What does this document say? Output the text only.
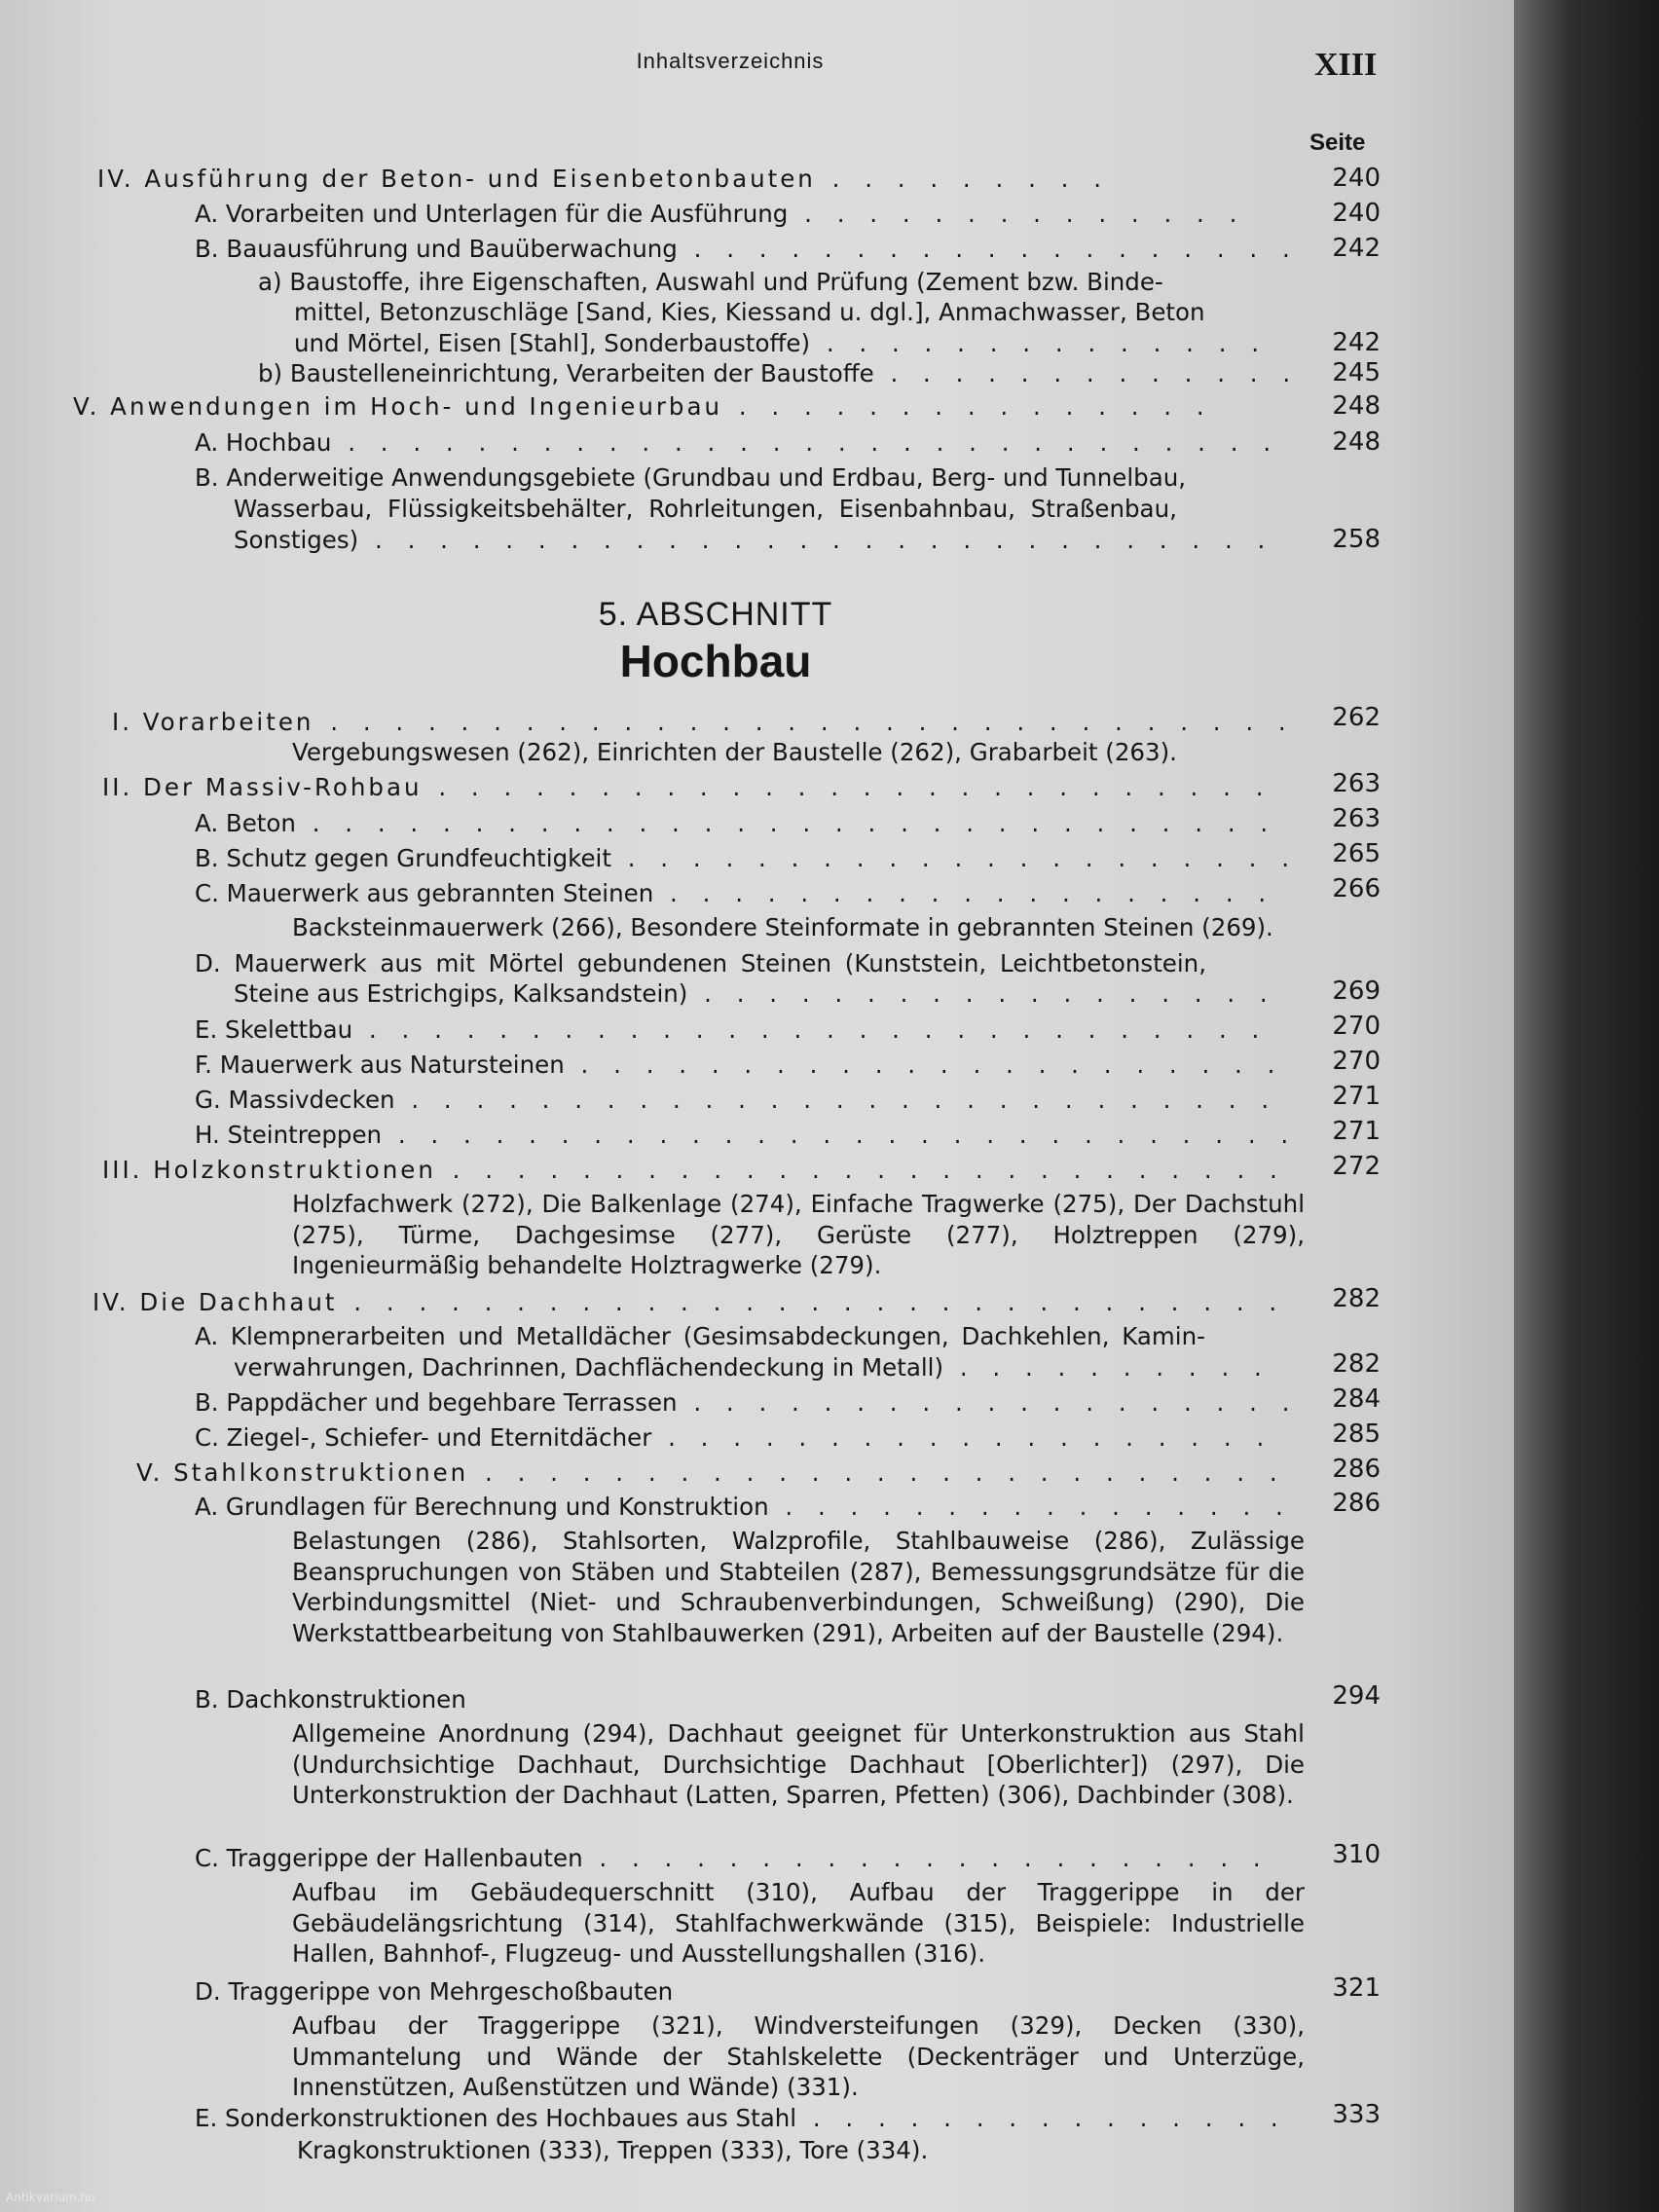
Inhaltsverzeichnis	XIII
Seite
IV. Ausführung der Beton- und Eisenbetonbauten . . . . . . . . .	240
A. Vorarbeiten und Unterlagen für die Ausführung . . . . . . . . . . . . . .	240
B. Bauausführung und Bauüberwachung . . . . . . . . . . . . . . . . . . .	242
a) Baustoffe, ihre Eigenschaften, Auswahl und Prüfung (Zement bzw. Binde-
mittel, Betonzuschläge [Sand, Kies, Kiessand u. dgl.], Anmachwasser, Beton
und Mörtel, Eisen [Stahl], Sonderbaustoffe) . . . . . . . . . . . . . .	242
b) Baustelleneinrichtung, Verarbeiten der Baustoffe . . . . . . . . . . . . .	245
V. Anwendungen im Hoch- und Ingenieurbau . . . . . . . . . . . . . . .	248
A. Hochbau . . . . . . . . . . . . . . . . . . . . . . . . . . . . .	248
B. Anderweitige Anwendungsgebiete (Grundbau und Erdbau, Berg- und Tunnelbau,
Wasserbau, Flüssigkeitsbehälter, Rohrleitungen, Eisenbahnbau, Straßenbau,
Sonstiges) . . . . . . . . . . . . . . . . . . . . . . . . . . . .	258
5. ABSCHNITT
Hochbau
I. Vorarbeiten . . . . . . . . . . . . . . . . . . . . . . . . . . . . . .	262
Vergebungswesen (262), Einrichten der Baustelle (262), Grabarbeit (263).
II. Der Massiv-Rohbau . . . . . . . . . . . . . . . . . . . . . . . . . .	263
A. Beton . . . . . . . . . . . . . . . . . . . . . . . . . . . . . .	263
B. Schutz gegen Grundfeuchtigkeit . . . . . . . . . . . . . . . . . . . . .	265
C. Mauerwerk aus gebrannten Steinen . . . . . . . . . . . . . . . . . . .	266
Backsteinmauerwerk (266), Besondere Steinformate in gebrannten Steinen (269).
D. Mauerwerk aus mit Mörtel gebundenen Steinen (Kunststein, Leichtbetonstein,
Steine aus Estrichgips, Kalksandstein) . . . . . . . . . . . . . . . . . .	269
E. Skelettbau . . . . . . . . . . . . . . . . . . . . . . . . . . . .	270
F. Mauerwerk aus Natursteinen . . . . . . . . . . . . . . . . . . . . . .	270
G. Massivdecken . . . . . . . . . . . . . . . . . . . . . . . . . . .	271
H. Steintreppen . . . . . . . . . . . . . . . . . . . . . . . . . . . .	271
III. Holzkonstruktionen . . . . . . . . . . . . . . . . . . . . . . . . . .	272
Holzfachwerk (272), Die Balkenlage (274), Einfache Tragwerke (275), Der Dachstuhl (275), Türme, Dachgesimse (277), Gerüste (277), Holztreppen (279), Ingenieurmäßig behandelte Holztragwerke (279).
IV. Die Dachhaut . . . . . . . . . . . . . . . . . . . . . . . . . . . . .	282
A. Klempnerarbeiten und Metalldächer (Gesimsabdeckungen, Dachkehlen, Kamin-
verwahrungen, Dachrinnen, Dachflächendeckung in Metall) . . . . . . . . . .	282
B. Pappdächer und begehbare Terrassen . . . . . . . . . . . . . . . . . . .	284
C. Ziegel-, Schiefer- und Eternitdächer . . . . . . . . . . . . . . . . . . .	285
V. Stahlkonstruktionen . . . . . . . . . . . . . . . . . . . . . . . . .	286
A. Grundlagen für Berechnung und Konstruktion . . . . . . . . . . . . . . . .	286
Belastungen (286), Stahlsorten, Walzprofile, Stahlbauweise (286), Zulässige Beanspruchungen von Stäben und Stabteilen (287), Bemessungsgrundsätze für die Verbindungsmittel (Niet- und Schraubenverbindungen, Schweißung) (290), Die Werkstattbearbeitung von Stahlbauwerken (291), Arbeiten auf der Baustelle (294).
B. Dachkonstruktionen	294
Allgemeine Anordnung (294), Dachhaut geeignet für Unterkonstruktion aus Stahl (Undurchsichtige Dachhaut, Durchsichtige Dachhaut [Oberlichter]) (297), Die Unterkonstruktion der Dachhaut (Latten, Sparren, Pfetten) (306), Dachbinder (308).
C. Traggerippe der Hallenbauten . . . . . . . . . . . . . . . . . . . . .	310
Aufbau im Gebäudequerschnitt (310), Aufbau der Traggerippe in der Gebäudelängsrichtung (314), Stahlfachwerkwände (315), Beispiele: Industrielle Hallen, Bahnhof-, Flugzeug- und Ausstellungshallen (316).
D. Traggerippe von Mehrgeschoßbauten	321
Aufbau der Traggerippe (321), Windversteifungen (329), Decken (330), Ummantelung und Wände der Stahlskelette (Deckenträger und Unterzüge, Innenstützen, Außenstützen und Wände) (331).
E. Sonderkonstruktionen des Hochbaues aus Stahl . . . . . . . . . . . . . . .	333
Kragkonstruktionen (333), Treppen (333), Tore (334).
Antikvarium.hu
